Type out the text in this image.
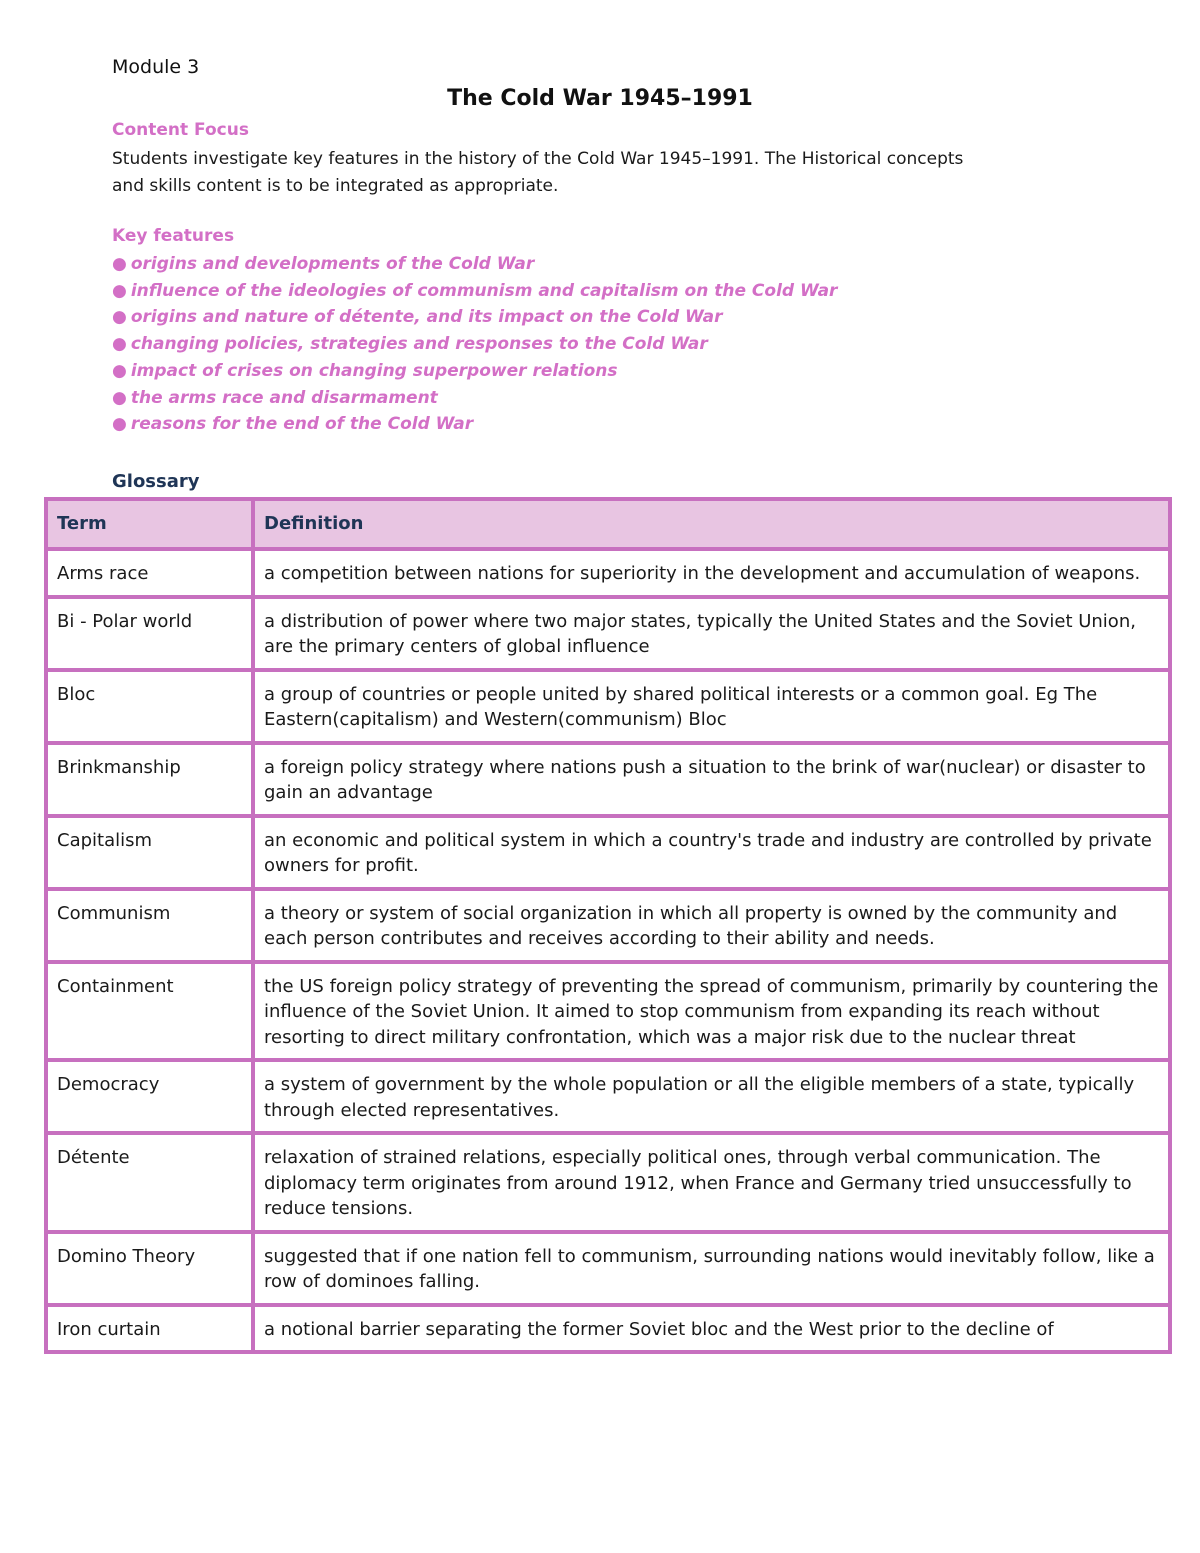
Module 3
The Cold War 1945–1991
Content Focus

Students investigate key features in the history of the Cold War 1945–1991. The Historical concepts
and skills content is to be integrated as appropriate.

Key features
● origins and developments of the Cold War
● influence of the ideologies of communism and capitalism on the Cold War
● origins and nature of détente, and its impact on the Cold War
● changing policies, strategies and responses to the Cold War
● impact of crises on changing superpower relations
● the arms race and disarmament
● reasons for the end of the Cold War
Glossary
Term	Definition
Arms race	a competition between nations for superiority in the development and accumulation of weapons.
Bi - Polar world	a distribution of power where two major states, typically the United States and the Soviet Union, are the primary centers of global influence
Bloc	a group of countries or people united by shared political interests or a common goal. Eg The Eastern(capitalism) and Western(communism) Bloc
Brinkmanship	a foreign policy strategy where nations push a situation to the brink of war(nuclear) or disaster to gain an advantage
Capitalism	an economic and political system in which a country's trade and industry are controlled by private owners for profit.
Communism	a theory or system of social organization in which all property is owned by the community and each person contributes and receives according to their ability and needs.
Containment	the US foreign policy strategy of preventing the spread of communism, primarily by countering the influence of the Soviet Union. It aimed to stop communism from expanding its reach without resorting to direct military confrontation, which was a major risk due to the nuclear threat
Democracy	a system of government by the whole population or all the eligible members of a state, typically through elected representatives.
Détente	relaxation of strained relations, especially political ones, through verbal communication. The diplomacy term originates from around 1912, when France and Germany tried unsuccessfully to reduce tensions.
Domino Theory	suggested that if one nation fell to communism, surrounding nations would inevitably follow, like a row of dominoes falling.
Iron curtain	a notional barrier separating the former Soviet bloc and the West prior to the decline of
